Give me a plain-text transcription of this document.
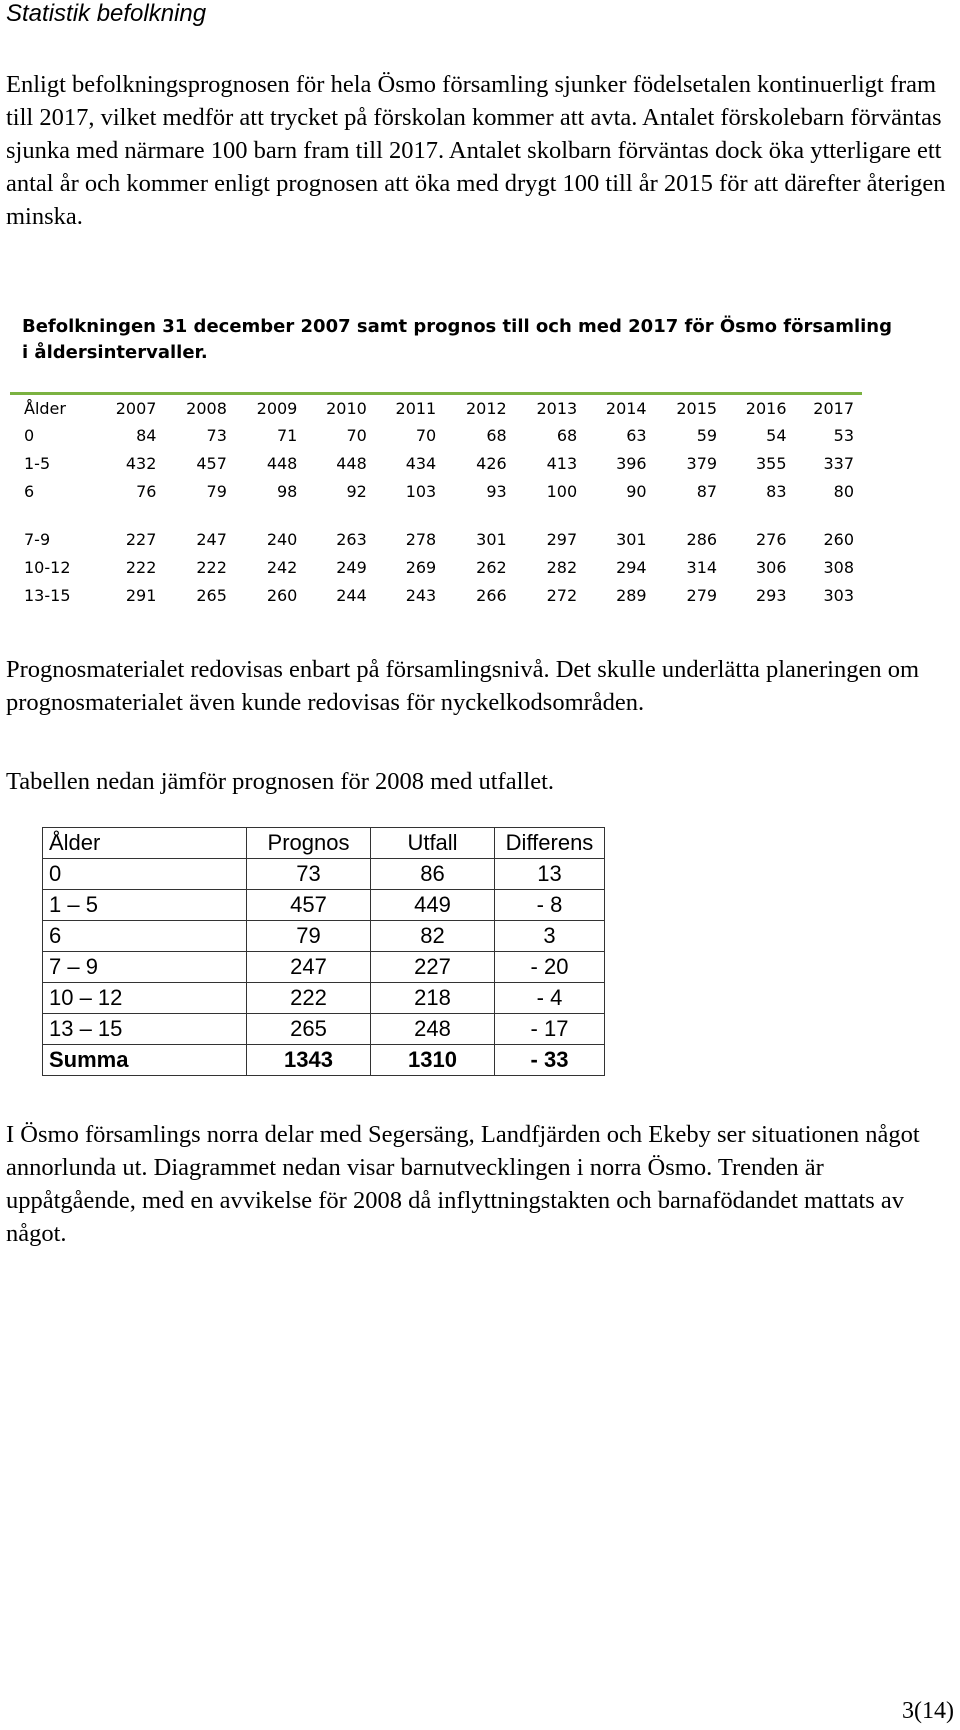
Statistik befolkning

Enligt befolkningsprognosen för hela Ösmo församling sjunker födelsetalen kontinuerligt fram till 2017, vilket medför att trycket på förskolan kommer att avta. Antalet förskolebarn förväntas sjunka med närmare 100 barn fram till 2017. Antalet skolbarn förväntas dock öka ytterligare ett antal år och kommer enligt prognosen att öka med drygt 100 till år 2015 för att därefter återigen minska.

Befolkningen 31 december 2007 samt prognos till och med 2017 för Ösmo församling i åldersintervaller.
Ålder	2007	2008	2009	2010	2011	2012	2013	2014	2015	2016	2017
0	84	73	71	70	70	68	68	63	59	54	53
1-5	432	457	448	448	434	426	413	396	379	355	337
6	76	79	98	92	103	93	100	90	87	83	80

7-9	227	247	240	263	278	301	297	301	286	276	260
10-12	222	222	242	249	269	262	282	294	314	306	308
13-15	291	265	260	244	243	266	272	289	279	293	303

Prognosmaterialet redovisas enbart på församlingsnivå. Det skulle underlätta planeringen om prognosmaterialet även kunde redovisas för nyckelkodsområden.

Tabellen nedan jämför prognosen för 2008 med utfallet.

Ålder	Prognos	Utfall	Differens
0	73	86	13
1 – 5	457	449	- 8
6	79	82	3
7 – 9	247	227	- 20
10 – 12	222	218	- 4
13 – 15	265	248	- 17
Summa	1343	1310	- 33

I Ösmo församlings norra delar med Segersäng, Landfjärden och Ekeby ser situationen något annorlunda ut. Diagrammet nedan visar barnutvecklingen i norra Ösmo. Trenden är uppåtgående, med en avvikelse för 2008 då inflyttningstakten och barnafödandet mattats av något.

3(14)
